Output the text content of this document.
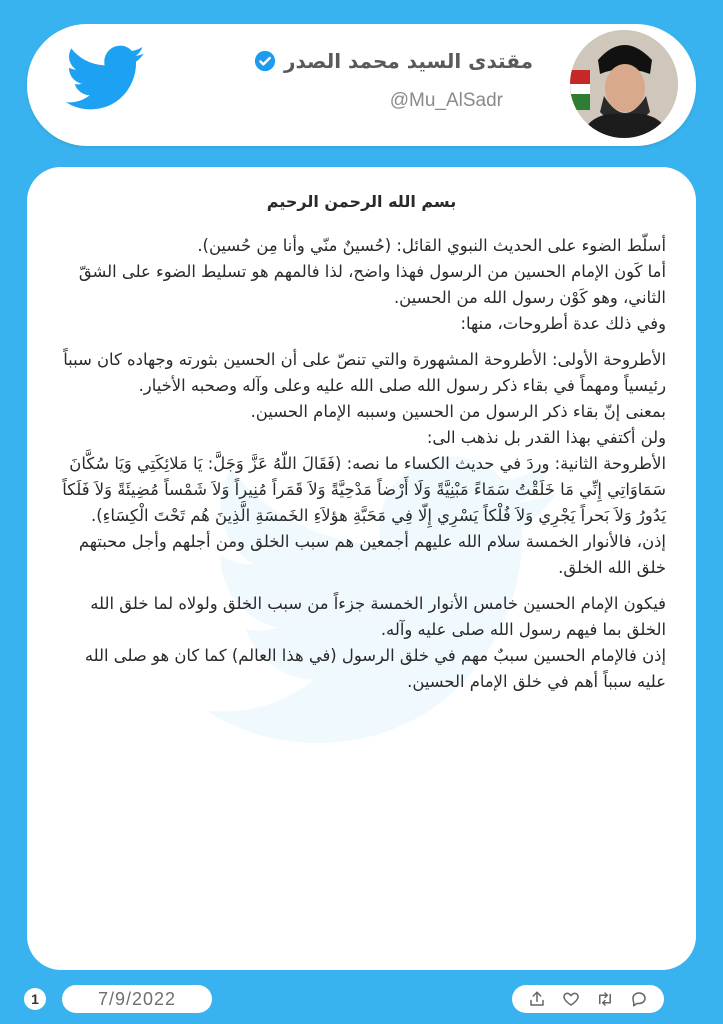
مقتدى السيد محمد الصدر
@Mu_AlSadr
بسم الله الرحمن الرحيم

أسلّط الضوء على الحديث النبوي القائل: (حُسينٌ منّي وأنا مِن حُسين).

أما كَون الإمام الحسين من الرسول فهذا واضح، لذا فالمهم هو تسليط الضوء على الشقّ الثاني، وهو كَوْن رسول الله من الحسين.

وفي ذلك عدة أطروحات، منها:

الأطروحة الأولى: الأطروحة المشهورة والتي تنصّ على أن الحسين بثورته وجهاده كان سبباً رئيسياً ومهماً في بقاء ذكر رسول الله صلى الله عليه وعلى وآله وصحبه الأخيار.

بمعنى إنّ بقاء ذكر الرسول من الحسين وسببه الإمام الحسين.

ولن أكتفي بهذا القدر بل نذهب الى:

الأطروحة الثانية: وردَ في حديث الكساء ما نصه: (فَقَالَ اللّهُ عَزَّ وَجَلَّ: يَا مَلائِكَتِي وَيَا سُكَّانَ سَمَاوَاتِي إِنِّي مَا خَلَقْتُ سَمَاءً مَبْنِيَّةً وَلَا أَرْضاً مَدْحِيَّةً وَلاَ قَمَراً مُنِيراً وَلاَ شَمْساً مُضِيئَةً وَلاَ فَلَكاً يَدُورُ وَلاَ بَحراً يَجْرِي وَلاَ فُلْكاً يَسْرِي إِلّا فِي مَحَبَّةِ هؤلاَءِ الخَمسَةِ الَّذِينَ هُم تَحْتَ الْكِسَاءِ).

إذن، فالأنوار الخمسة سلام الله عليهم أجمعين هم سبب الخلق ومن أجلهم وأجل محبتهم خلق الله الخلق.

فيكون الإمام الحسين خامس الأنوار الخمسة جزءاً من سبب الخلق ولولاه لما خلق الله الخلق بما فيهم رسول الله صلى عليه وآله.

إذن فالإمام الحسين سببٌ مهم في خلق الرسول (في هذا العالم) كما كان هو صلى الله عليه سبباً أهم في خلق الإمام الحسين.

1	7/9/2022
